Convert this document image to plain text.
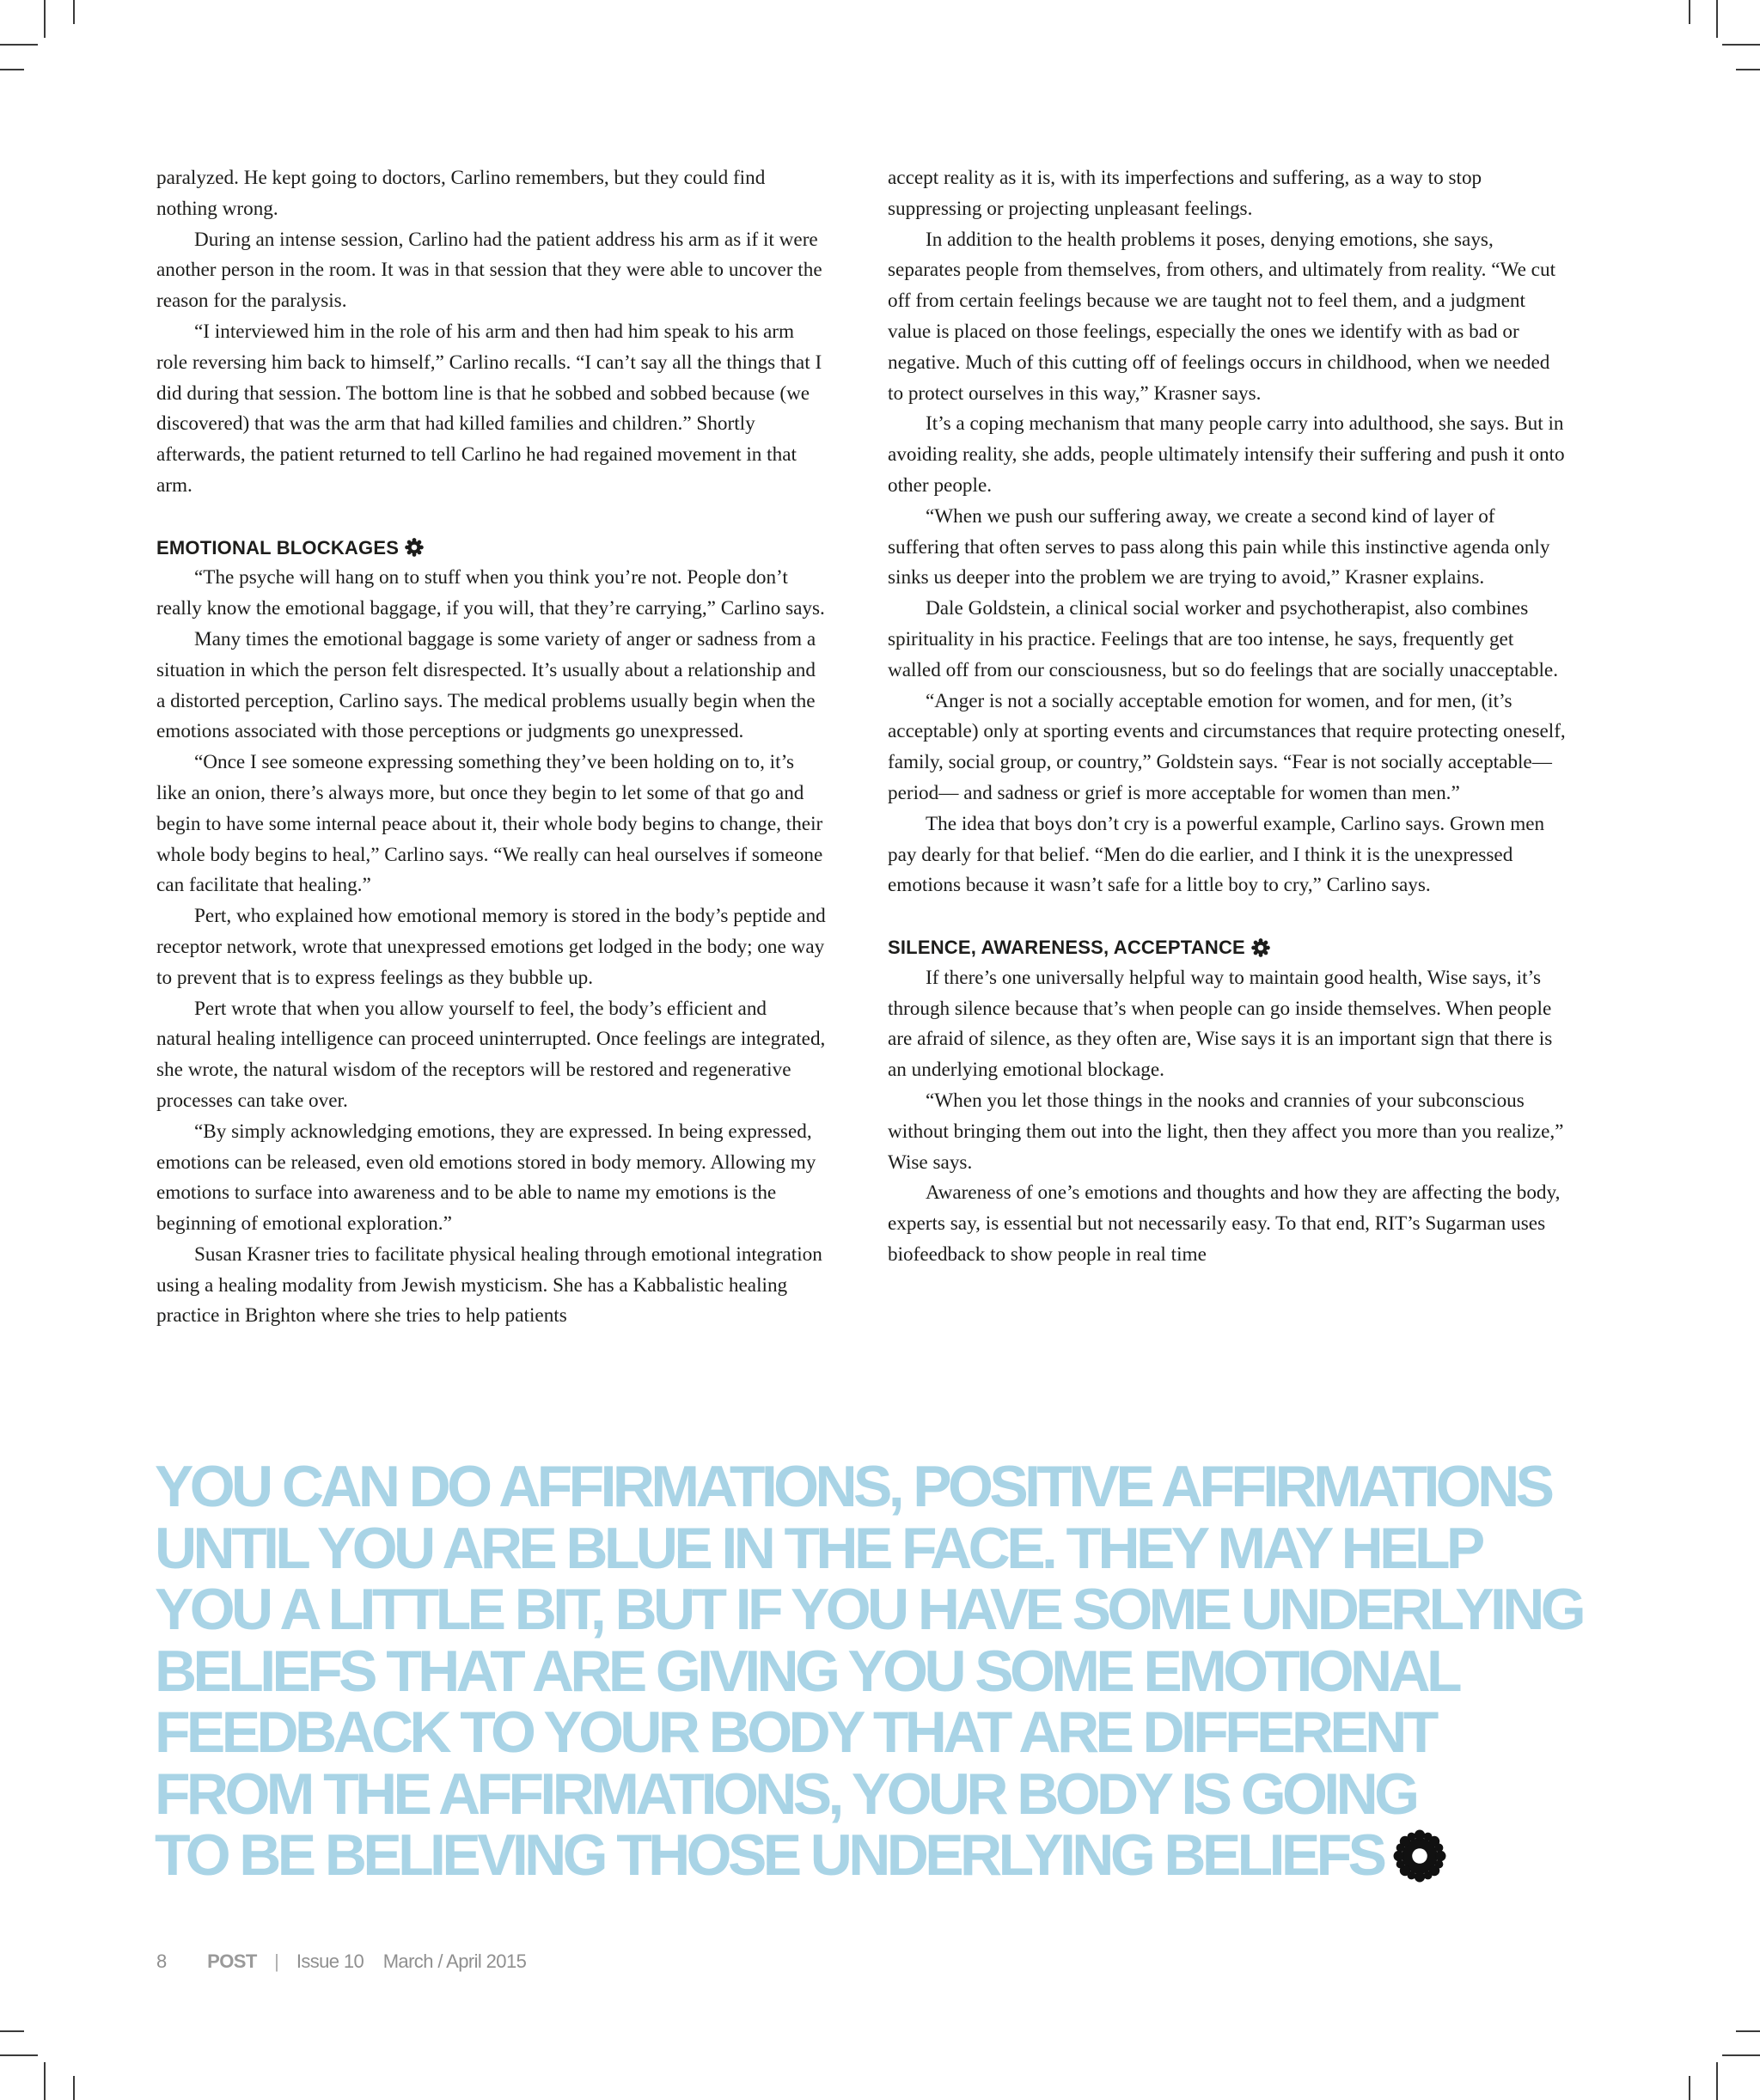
paralyzed. He kept going to doctors, Carlino remembers, but they could find nothing wrong.

During an intense session, Carlino had the patient address his arm as if it were another person in the room. It was in that session that they were able to uncover the reason for the paralysis.

“I interviewed him in the role of his arm and then had him speak to his arm role reversing him back to himself,” Carlino recalls. “I can’t say all the things that I did during that session. The bottom line is that he sobbed and sobbed because (we discovered) that was the arm that had killed families and children.” Shortly afterwards, the patient returned to tell Carlino he had regained movement in that arm.

EMOTIONAL BLOCKAGES

“The psyche will hang on to stuff when you think you’re not. People don’t really know the emotional baggage, if you will, that they’re carrying,” Carlino says.

Many times the emotional baggage is some variety of anger or sadness from a situation in which the person felt disrespected. It’s usually about a relationship and a distorted perception, Carlino says. The medical problems usually begin when the emotions associated with those perceptions or judgments go unexpressed.

“Once I see someone expressing something they’ve been holding on to, it’s like an onion, there’s always more, but once they begin to let some of that go and begin to have some internal peace about it, their whole body begins to change, their whole body begins to heal,” Carlino says. “We really can heal ourselves if someone can facilitate that healing.”

Pert, who explained how emotional memory is stored in the body’s peptide and receptor network, wrote that unexpressed emotions get lodged in the body; one way to prevent that is to express feelings as they bubble up.

Pert wrote that when you allow yourself to feel, the body’s efficient and natural healing intelligence can proceed uninterrupted. Once feelings are integrated, she wrote, the natural wisdom of the receptors will be restored and regenerative processes can take over.

“By simply acknowledging emotions, they are expressed. In being expressed, emotions can be released, even old emotions stored in body memory. Allowing my emotions to surface into awareness and to be able to name my emotions is the beginning of emotional exploration.”

Susan Krasner tries to facilitate physical healing through emotional integration using a healing modality from Jewish mysticism. She has a Kabbalistic healing practice in Brighton where she tries to help patients

accept reality as it is, with its imperfections and suffering, as a way to stop suppressing or projecting unpleasant feelings.

In addition to the health problems it poses, denying emotions, she says, separates people from themselves, from others, and ultimately from reality. “We cut off from certain feelings because we are taught not to feel them, and a judgment value is placed on those feelings, especially the ones we identify with as bad or negative. Much of this cutting off of feelings occurs in childhood, when we needed to protect ourselves in this way,” Krasner says.

It’s a coping mechanism that many people carry into adulthood, she says. But in avoiding reality, she adds, people ultimately intensify their suffering and push it onto other people.

“When we push our suffering away, we create a second kind of layer of suffering that often serves to pass along this pain while this instinctive agenda only sinks us deeper into the problem we are trying to avoid,” Krasner explains.

Dale Goldstein, a clinical social worker and psychotherapist, also combines spirituality in his practice. Feelings that are too intense, he says, frequently get walled off from our consciousness, but so do feelings that are socially unacceptable.

“Anger is not a socially acceptable emotion for women, and for men, (it’s acceptable) only at sporting events and circumstances that require protecting oneself, family, social group, or country,” Goldstein says. “Fear is not socially acceptable—period— and sadness or grief is more acceptable for women than men.”

The idea that boys don’t cry is a powerful example, Carlino says. Grown men pay dearly for that belief. “Men do die earlier, and I think it is the unexpressed emotions because it wasn’t safe for a little boy to cry,” Carlino says.

SILENCE, AWARENESS, ACCEPTANCE

If there’s one universally helpful way to maintain good health, Wise says, it’s through silence because that’s when people can go inside themselves. When people are afraid of silence, as they often are, Wise says it is an important sign that there is an underlying emotional blockage.

“When you let those things in the nooks and crannies of your subconscious without bringing them out into the light, then they affect you more than you realize,” Wise says.

Awareness of one’s emotions and thoughts and how they are affecting the body, experts say, is essential but not necessarily easy. To that end, RIT’s Sugarman uses biofeedback to show people in real time

YOU CAN DO AFFIRMATIONS, POSITIVE AFFIRMATIONS
UNTIL YOU ARE BLUE IN THE FACE. THEY MAY HELP
YOU A LITTLE BIT, BUT IF YOU HAVE SOME UNDERLYING
BELIEFS THAT ARE GIVING YOU SOME EMOTIONAL
FEEDBACK TO YOUR BODY THAT ARE DIFFERENT
FROM THE AFFIRMATIONS, YOUR BODY IS GOING
TO BE BELIEVING THOSE UNDERLYING BELIEFS
8 POST | Issue 10 March / April 2015
